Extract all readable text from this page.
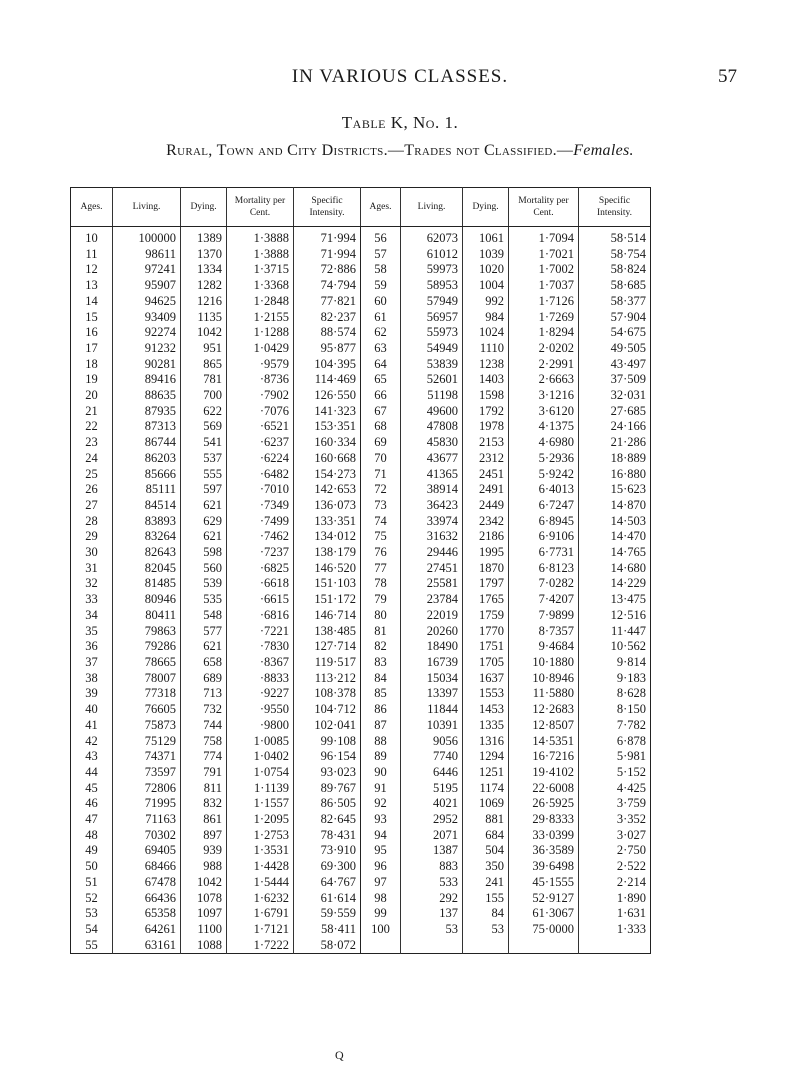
IN VARIOUS CLASSES.	57
Table K, No. 1.
Rural, Town and City Districts.—Trades not Classified.—Females.
Ages.	Living.	Dying.	Mortality per Cent.	Specific Intensity.	Ages.	Living.	Dying.	Mortality per Cent.	Specific Intensity.
10	100000	1389	1·3888	71·994	56	62073	1061	1·7094	58·514
11	98611	1370	1·3888	71·994	57	61012	1039	1·7021	58·754
12	97241	1334	1·3715	72·886	58	59973	1020	1·7002	58·824
13	95907	1282	1·3368	74·794	59	58953	1004	1·7037	58·685
14	94625	1216	1·2848	77·821	60	57949	992	1·7126	58·377
15	93409	1135	1·2155	82·237	61	56957	984	1·7269	57·904
16	92274	1042	1·1288	88·574	62	55973	1024	1·8294	54·675
17	91232	951	1·0429	95·877	63	54949	1110	2·0202	49·505
18	90281	865	·9579	104·395	64	53839	1238	2·2991	43·497
19	89416	781	·8736	114·469	65	52601	1403	2·6663	37·509
20	88635	700	·7902	126·550	66	51198	1598	3·1216	32·031
21	87935	622	·7076	141·323	67	49600	1792	3·6120	27·685
22	87313	569	·6521	153·351	68	47808	1978	4·1375	24·166
23	86744	541	·6237	160·334	69	45830	2153	4·6980	21·286
24	86203	537	·6224	160·668	70	43677	2312	5·2936	18·889
25	85666	555	·6482	154·273	71	41365	2451	5·9242	16·880
26	85111	597	·7010	142·653	72	38914	2491	6·4013	15·623
27	84514	621	·7349	136·073	73	36423	2449	6·7247	14·870
28	83893	629	·7499	133·351	74	33974	2342	6·8945	14·503
29	83264	621	·7462	134·012	75	31632	2186	6·9106	14·470
30	82643	598	·7237	138·179	76	29446	1995	6·7731	14·765
31	82045	560	·6825	146·520	77	27451	1870	6·8123	14·680
32	81485	539	·6618	151·103	78	25581	1797	7·0282	14·229
33	80946	535	·6615	151·172	79	23784	1765	7·4207	13·475
34	80411	548	·6816	146·714	80	22019	1759	7·9899	12·516
35	79863	577	·7221	138·485	81	20260	1770	8·7357	11·447
36	79286	621	·7830	127·714	82	18490	1751	9·4684	10·562
37	78665	658	·8367	119·517	83	16739	1705	10·1880	9·814
38	78007	689	·8833	113·212	84	15034	1637	10·8946	9·183
39	77318	713	·9227	108·378	85	13397	1553	11·5880	8·628
40	76605	732	·9550	104·712	86	11844	1453	12·2683	8·150
41	75873	744	·9800	102·041	87	10391	1335	12·8507	7·782
42	75129	758	1·0085	99·108	88	9056	1316	14·5351	6·878
43	74371	774	1·0402	96·154	89	7740	1294	16·7216	5·981
44	73597	791	1·0754	93·023	90	6446	1251	19·4102	5·152
45	72806	811	1·1139	89·767	91	5195	1174	22·6008	4·425
46	71995	832	1·1557	86·505	92	4021	1069	26·5925	3·759
47	71163	861	1·2095	82·645	93	2952	881	29·8333	3·352
48	70302	897	1·2753	78·431	94	2071	684	33·0399	3·027
49	69405	939	1·3531	73·910	95	1387	504	36·3589	2·750
50	68466	988	1·4428	69·300	96	883	350	39·6498	2·522
51	67478	1042	1·5444	64·767	97	533	241	45·1555	2·214
52	66436	1078	1·6232	61·614	98	292	155	52·9127	1·890
53	65358	1097	1·6791	59·559	99	137	84	61·3067	1·631
54	64261	1100	1·7121	58·411	100	53	53	75·0000	1·333
55	63161	1088	1·7222	58·072					
Q
